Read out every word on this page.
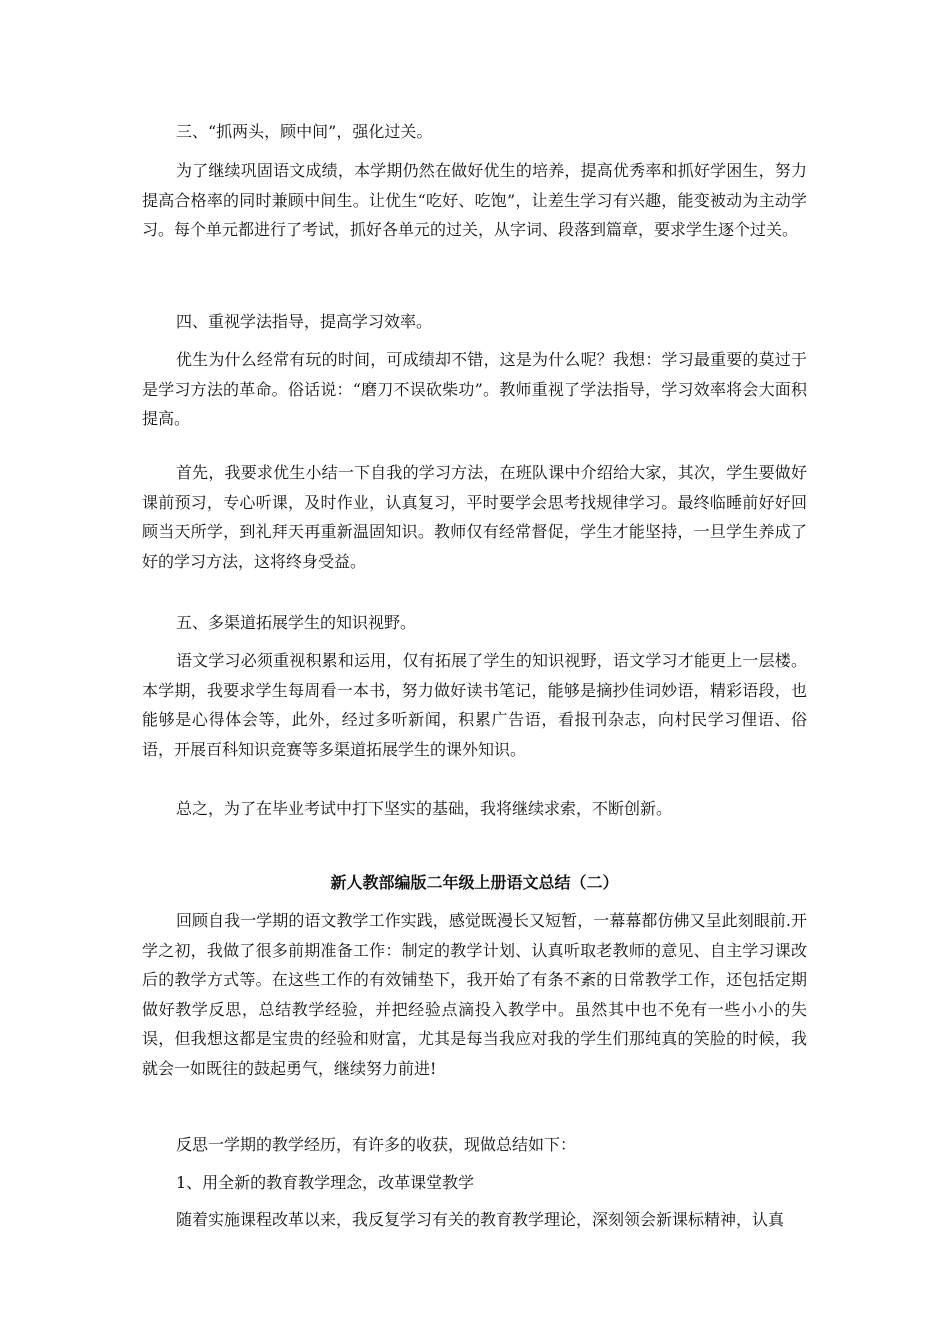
三、“抓两头，顾中间”，强化过关。

为了继续巩固语文成绩，本学期仍然在做好优生的培养，提高优秀率和抓好学困生，努力提高合格率的同时兼顾中间生。让优生“吃好、吃饱”，让差生学习有兴趣，能变被动为主动学习。每个单元都进行了考试，抓好各单元的过关，从字词、段落到篇章，要求学生逐个过关。

四、重视学法指导，提高学习效率。

优生为什么经常有玩的时间，可成绩却不错，这是为什么呢？我想：学习最重要的莫过于是学习方法的革命。俗话说：“磨刀不误砍柴功”。教师重视了学法指导，学习效率将会大面积提高。

首先，我要求优生小结一下自我的学习方法，在班队课中介绍给大家，其次，学生要做好课前预习，专心听课，及时作业，认真复习，平时要学会思考找规律学习。最终临睡前好好回顾当天所学，到礼拜天再重新温固知识。教师仅有经常督促，学生才能坚持，一旦学生养成了好的学习方法，这将终身受益。

五、多渠道拓展学生的知识视野。

语文学习必须重视积累和运用，仅有拓展了学生的知识视野，语文学习才能更上一层楼。本学期，我要求学生每周看一本书，努力做好读书笔记，能够是摘抄佳词妙语，精彩语段，也能够是心得体会等，此外，经过多听新闻，积累广告语，看报刊杂志，向村民学习俚语、俗语，开展百科知识竞赛等多渠道拓展学生的课外知识。

总之，为了在毕业考试中打下坚实的基础，我将继续求索，不断创新。

新人教部编版二年级上册语文总结（二）

回顾自我一学期的语文教学工作实践，感觉既漫长又短暂，一幕幕都仿佛又呈此刻眼前.开学之初，我做了很多前期准备工作：制定的教学计划、认真听取老教师的意见、自主学习课改后的教学方式等。在这些工作的有效铺垫下，我开始了有条不紊的日常教学工作，还包括定期做好教学反思，总结教学经验，并把经验点滴投入教学中。虽然其中也不免有一些小小的失误，但我想这都是宝贵的经验和财富，尤其是每当我应对我的学生们那纯真的笑脸的时候，我就会一如既往的鼓起勇气，继续努力前进!

反思一学期的教学经历，有许多的收获，现做总结如下：

1、用全新的教育教学理念，改革课堂教学

随着实施课程改革以来，我反复学习有关的教育教学理论，深刻领会新课标精神，认真
